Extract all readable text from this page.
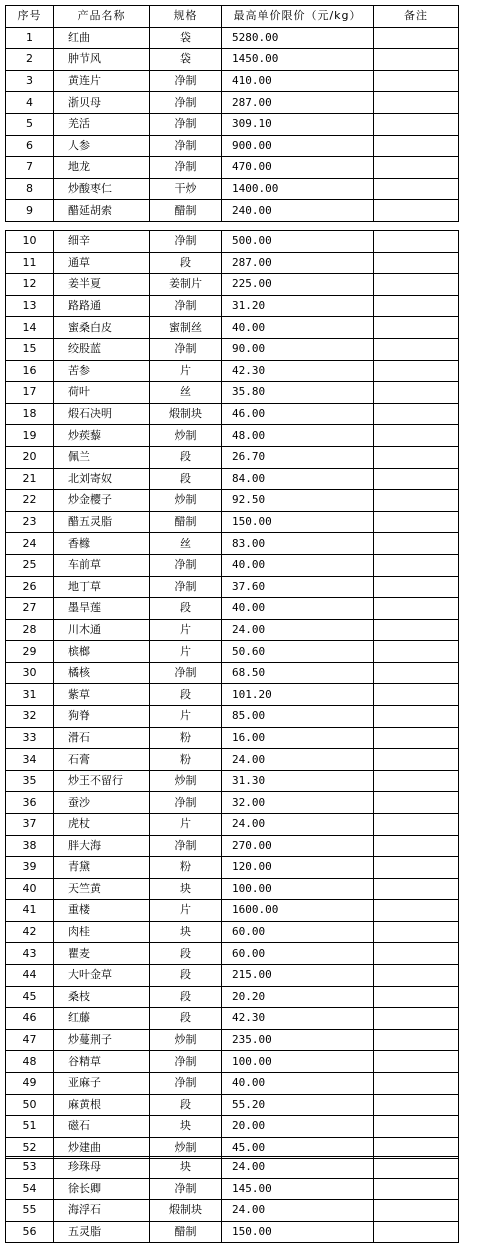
序号	产品名称	规格	最高单价限价（元/kg）	备注
1	红曲	袋	5280.00	
2	肿节风	袋	1450.00	
3	黄连片	净制	410.00	
4	浙贝母	净制	287.00	
5	羌活	净制	309.10	
6	人参	净制	900.00	
7	地龙	净制	470.00	
8	炒酸枣仁	干炒	1400.00	
9	醋延胡索	醋制	240.00	
10	细辛	净制	500.00	
11	通草	段	287.00	
12	姜半夏	姜制片	225.00	
13	路路通	净制	31.20	
14	蜜桑白皮	蜜制丝	40.00	
15	绞股蓝	净制	90.00	
16	苦参	片	42.30	
17	荷叶	丝	35.80	
18	煅石决明	煅制块	46.00	
19	炒蒺藜	炒制	48.00	
20	佩兰	段	26.70	
21	北刘寄奴	段	84.00	
22	炒金樱子	炒制	92.50	
23	醋五灵脂	醋制	150.00	
24	香橼	丝	83.00	
25	车前草	净制	40.00	
26	地丁草	净制	37.60	
27	墨旱莲	段	40.00	
28	川木通	片	24.00	
29	槟榔	片	50.60	
30	橘核	净制	68.50	
31	紫草	段	101.20	
32	狗脊	片	85.00	
33	滑石	粉	16.00	
34	石膏	粉	24.00	
35	炒王不留行	炒制	31.30	
36	蚕沙	净制	32.00	
37	虎杖	片	24.00	
38	胖大海	净制	270.00	
39	青黛	粉	120.00	
40	天竺黄	块	100.00	
41	重楼	片	1600.00	
42	肉桂	块	60.00	
43	瞿麦	段	60.00	
44	大叶金草	段	215.00	
45	桑枝	段	20.20	
46	红藤	段	42.30	
47	炒蔓荆子	炒制	235.00	
48	谷精草	净制	100.00	
49	亚麻子	净制	40.00	
50	麻黄根	段	55.20	
51	磁石	块	20.00	
52	炒建曲	炒制	45.00	
53	珍珠母	块	24.00	
54	徐长卿	净制	145.00	
55	海浮石	煅制块	24.00	
56	五灵脂	醋制	150.00	
